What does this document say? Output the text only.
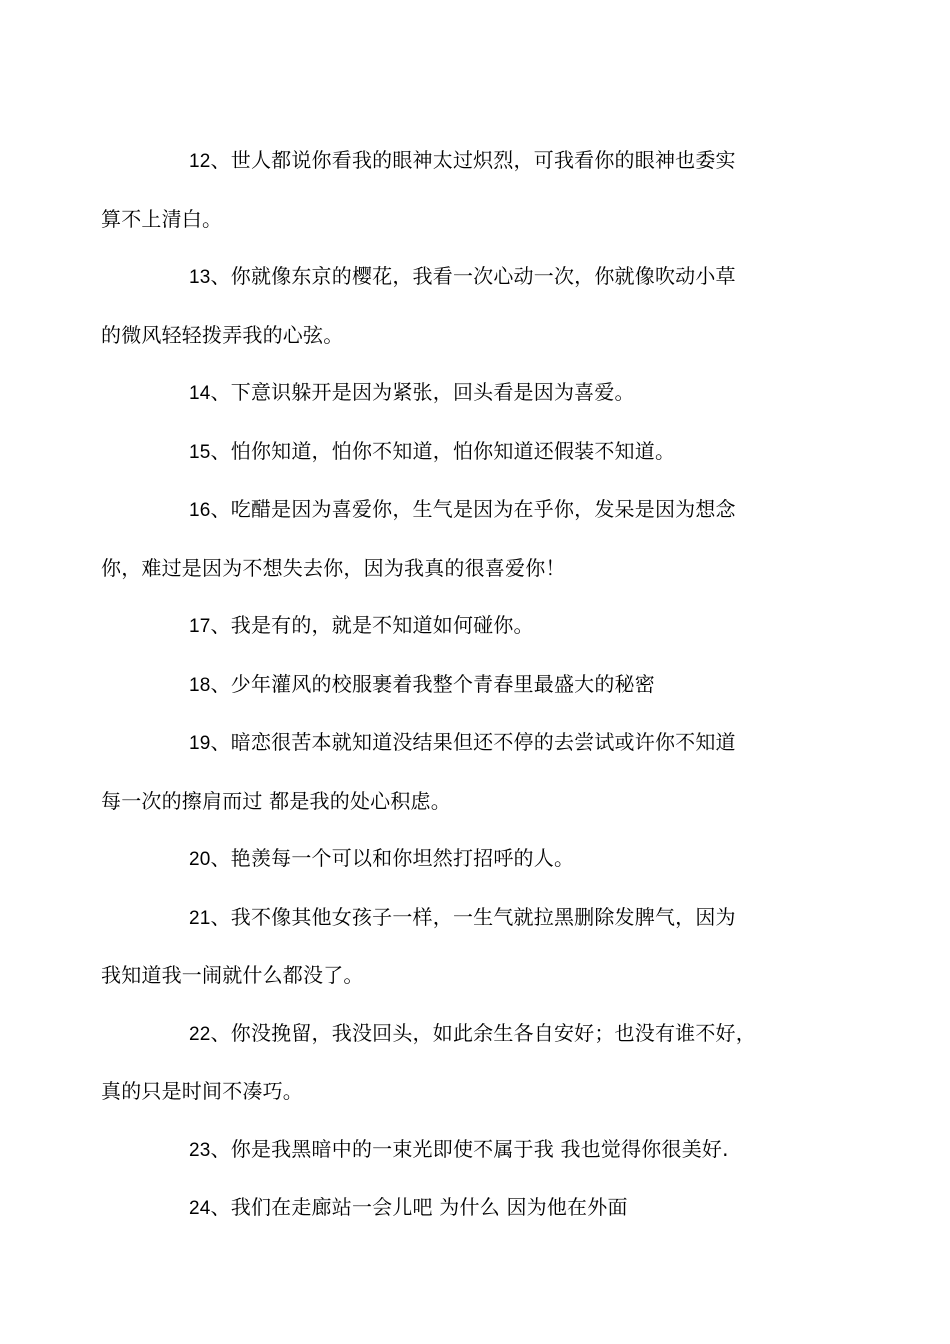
12、世人都说你看我的眼神太过炽烈，可我看你的眼神也委实
算不上清白。

13、你就像东京的樱花，我看一次心动一次，你就像吹动小草
的微风轻轻拨弄我的心弦。

14、下意识躲开是因为紧张，回头看是因为喜爱。

15、怕你知道，怕你不知道，怕你知道还假装不知道。

16、吃醋是因为喜爱你，生气是因为在乎你，发呆是因为想念
你，难过是因为不想失去你，因为我真的很喜爱你！

17、我是有的，就是不知道如何碰你。

18、少年灌风的校服裹着我整个青春里最盛大的秘密

19、暗恋很苦本就知道没结果但还不停的去尝试或许你不知道
每一次的擦肩而过 都是我的处心积虑。

20、艳羡每一个可以和你坦然打招呼的人。

21、我不像其他女孩子一样，一生气就拉黑删除发脾气，因为
我知道我一闹就什么都没了。

22、你没挽留，我没回头，如此余生各自安好；也没有谁不好，
真的只是时间不凑巧。

23、你是我黑暗中的一束光即使不属于我 我也觉得你很美好.

24、我们在走廊站一会儿吧 为什么 因为他在外面
